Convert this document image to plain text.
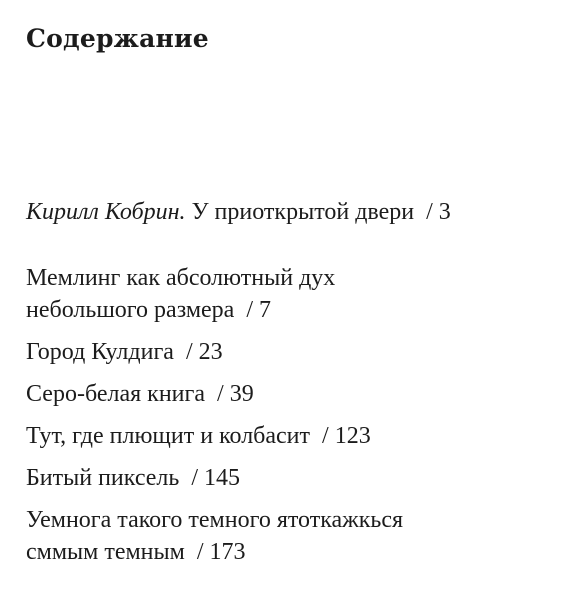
Содержание
Кирилл Кобрин. У приоткрытой двери / 3
Мемлинг как абсолютный дух
небольшого размера / 7
Город Кулдига / 23
Серо-белая книга / 39
Тут, где плющит и колбасит / 123
Битый пиксель / 145
Уемнога такого темного ятоткажкься
сммым темным / 173
